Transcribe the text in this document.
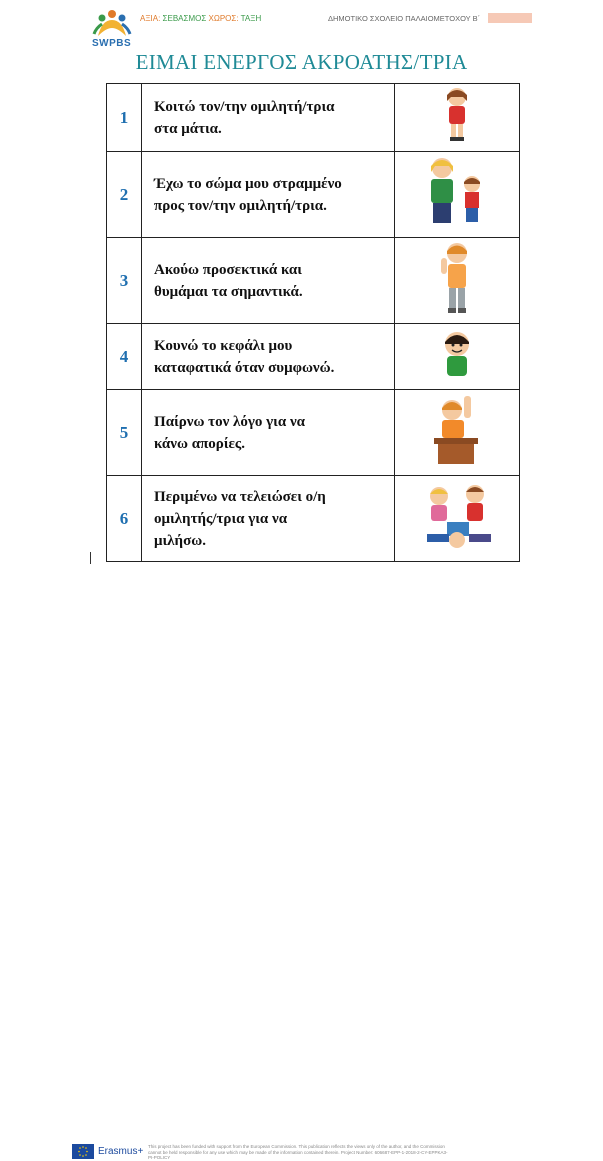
SWPBS
ΑΞΙΑ: ΣΕΒΑΣΜΟΣ ΧΩΡΟΣ: ΤΑΞΗ	ΔΗΜΟΤΙΚΟ ΣΧΟΛΕΙΟ ΠΑΛΑΙΟΜΕΤΟΧΟΥ Β΄
ΕΙΜΑΙ ΕΝΕΡΓΟΣ ΑΚΡΟΑΤΗΣ/ΤΡΙΑ
1	Κοιτώ τον/την ομιλητή/τρια
στα μάτια.

2	Έχω το σώμα μου στραμμένο
προς τον/την ομιλητή/τρια.

3	Ακούω προσεκτικά και
θυμάμαι τα σημαντικά.

4	Κουνώ το κεφάλι μου
καταφατικά όταν συμφωνώ.

5	Παίρνω τον λόγο για να
κάνω απορίες.

6	Περιμένω να τελειώσει ο/η
ομιλητής/τρια για να
μιλήσω.

Erasmus+ This project has been funded with support from the European Commission. This publication reflects the views only of the author, and the Commission cannot be held responsible for any use which may be made of the information contained therein. Project Number: 606687-EPP-1-2018-2-CY-EPPKA3-PI-POLICY
